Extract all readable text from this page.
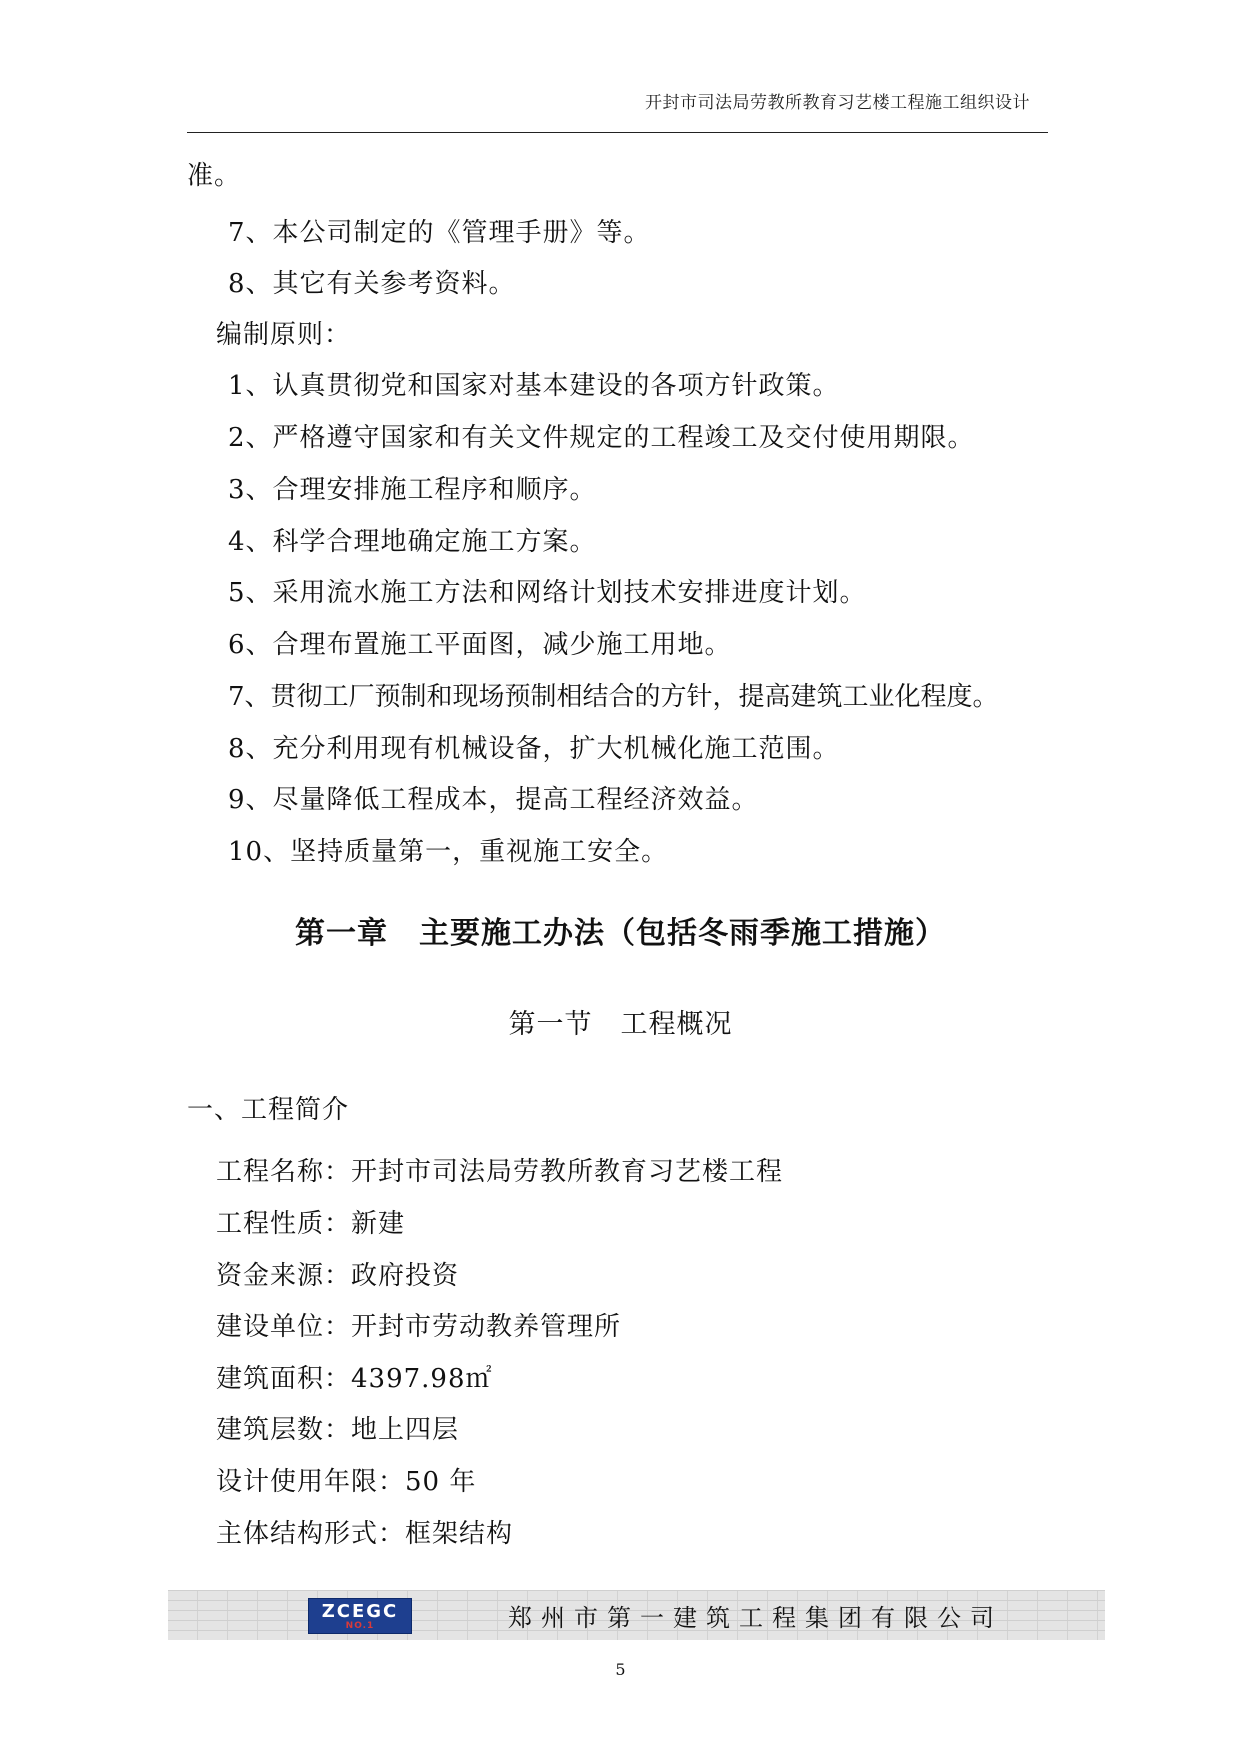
开封市司法局劳教所教育习艺楼工程施工组织设计
准。
7、本公司制定的《管理手册》等。
8、其它有关参考资料。
编制原则：
1、认真贯彻党和国家对基本建设的各项方针政策。
2、严格遵守国家和有关文件规定的工程竣工及交付使用期限。
3、合理安排施工程序和顺序。
4、科学合理地确定施工方案。
5、采用流水施工方法和网络计划技术安排进度计划。
6、合理布置施工平面图，减少施工用地。
7、贯彻工厂预制和现场预制相结合的方针，提高建筑工业化程度。
8、充分利用现有机械设备，扩大机械化施工范围。
9、尽量降低工程成本，提高工程经济效益。
10、坚持质量第一，重视施工安全。
第一章　主要施工办法（包括冬雨季施工措施）
第一节　工程概况
一、工程简介
工程名称：开封市司法局劳教所教育习艺楼工程
工程性质：新建
资金来源：政府投资
建设单位：开封市劳动教养管理所
建筑面积：4397.98㎡
建筑层数：地上四层
设计使用年限：50 年
主体结构形式：框架结构
ZCEGC
NO.1	郑州市第一建筑工程集团有限公司
5
